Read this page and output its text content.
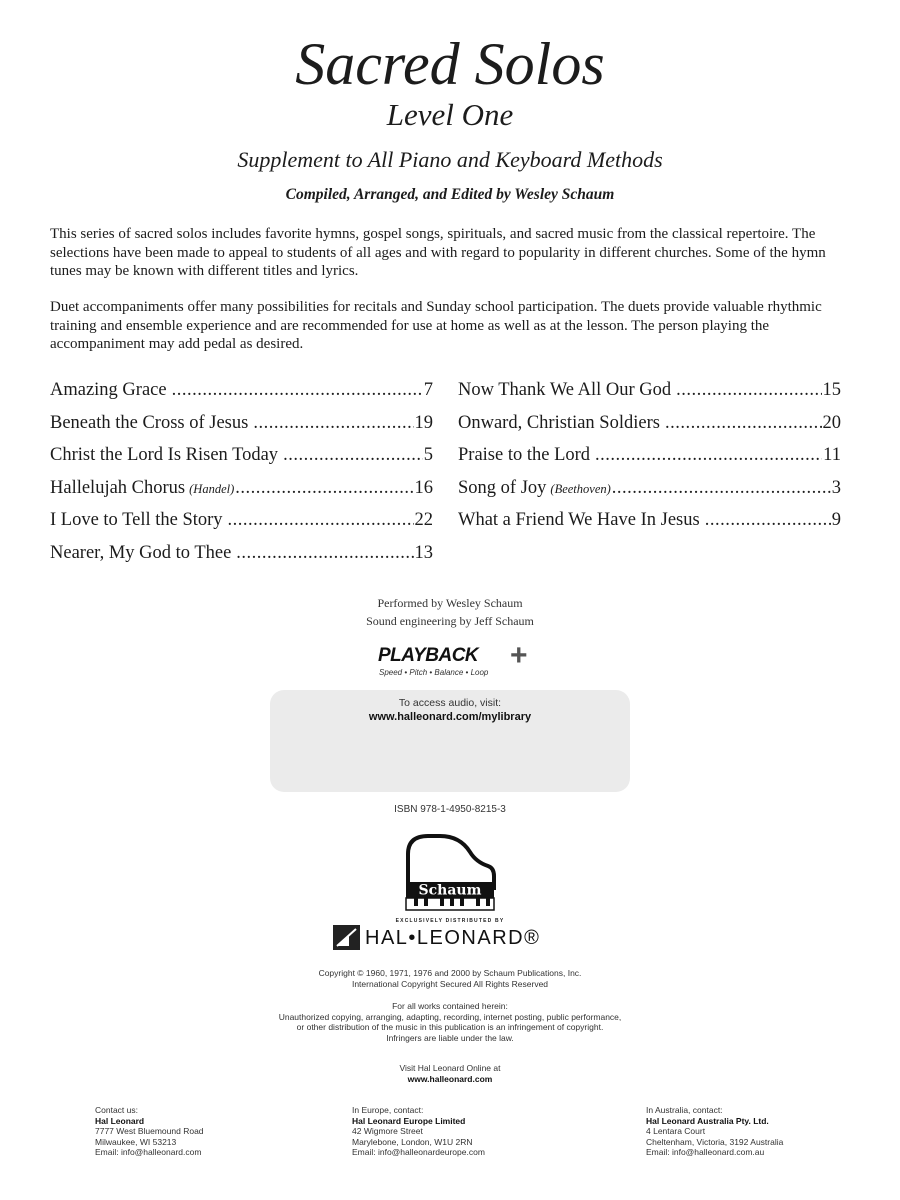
Sacred Solos
Level One
Supplement to All Piano and Keyboard Methods
Compiled, Arranged, and Edited by Wesley Schaum

This series of sacred solos includes favorite hymns, gospel songs, spirituals, and sacred music from the classical repertoire. The selections have been made to appeal to students of all ages and with regard to popularity in different churches. Some of the hymn tunes may be known with different titles and lyrics.

Duet accompaniments offer many possibilities for recitals and Sunday school participation. The duets provide valuable rhythmic training and ensemble experience and are recommended for use at home as well as at the lesson. The person playing the accompaniment may add pedal as desired.

Amazing Grace .....	7
Beneath the Cross of Jesus .....	19
Christ the Lord Is Risen Today .....	5
Hallelujah Chorus (Handel) .....	16
I Love to Tell the Story .....	22
Nearer, My God to Thee .....	13
Now Thank We All Our God .....	15
Onward, Christian Soldiers .....	20
Praise to the Lord .....	11
Song of Joy (Beethoven) .....	3
What a Friend We Have In Jesus .....	9
Performed by Wesley Schaum
Sound engineering by Jeff Schaum
PLAYBACK +
Speed • Pitch • Balance • Loop
To access audio, visit:
www.halleonard.com/mylibrary
ISBN 978-1-4950-8215-3
Schaum
EXCLUSIVELY DISTRIBUTED BY
HAL•LEONARD®
Copyright © 1960, 1971, 1976 and 2000 by Schaum Publications, Inc.
International Copyright Secured All Rights Reserved
For all works contained herein:
Unauthorized copying, arranging, adapting, recording, internet posting, public performance,
or other distribution of the music in this publication is an infringement of copyright.
Infringers are liable under the law.
Visit Hal Leonard Online at
www.halleonard.com
Contact us:
Hal Leonard
7777 West Bluemound Road
Milwaukee, WI 53213
Email: info@halleonard.com
In Europe, contact:
Hal Leonard Europe Limited
42 Wigmore Street
Marylebone, London, W1U 2RN
Email: info@halleonardeurope.com
In Australia, contact:
Hal Leonard Australia Pty. Ltd.
4 Lentara Court
Cheltenham, Victoria, 3192 Australia
Email: info@halleonard.com.au
